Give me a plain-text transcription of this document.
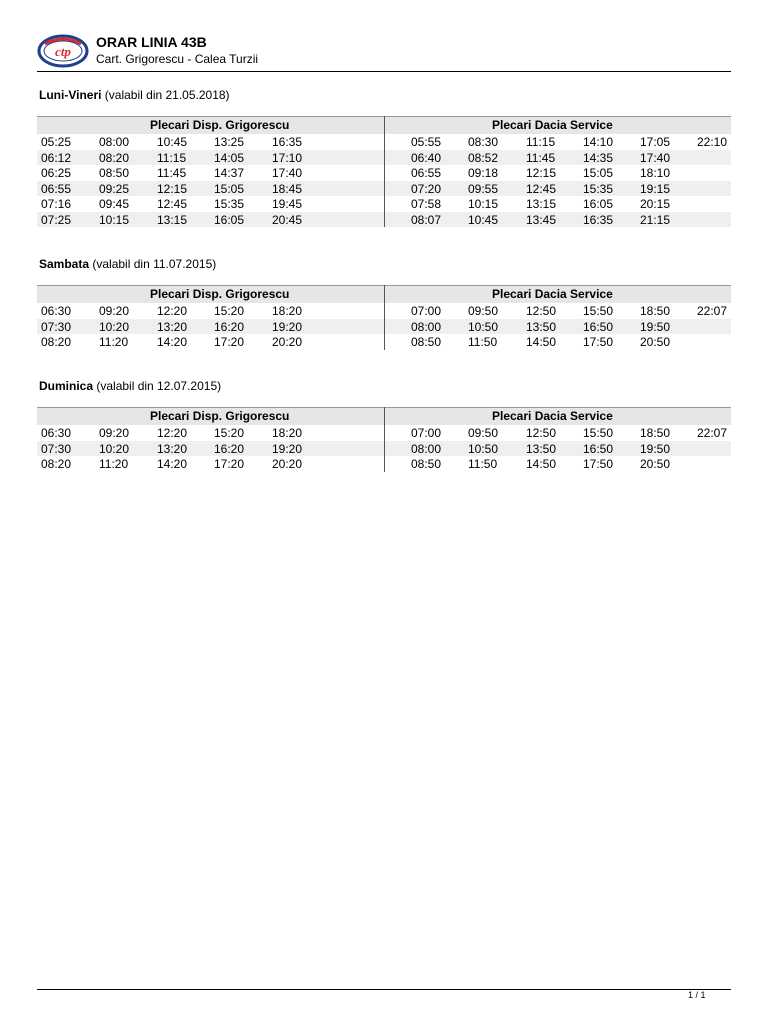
ctp
ORAR LINIA 43B
Cart. Grigorescu - Calea Turzii
Luni-Vineri (valabil din 21.05.2018)
Plecari Disp. Grigorescu	Plecari Dacia Service
05:25 08:00 10:45 13:25 16:35	05:55 08:30 11:15 14:10 17:05 22:10
06:12 08:20 11:15 14:05 17:10	06:40 08:52 11:45 14:35 17:40
06:25 08:50 11:45 14:37 17:40	06:55 09:18 12:15 15:05 18:10
06:55 09:25 12:15 15:05 18:45	07:20 09:55 12:45 15:35 19:15
07:16 09:45 12:45 15:35 19:45	07:58 10:15 13:15 16:05 20:15
07:25 10:15 13:15 16:05 20:45	08:07 10:45 13:45 16:35 21:15
Sambata (valabil din 11.07.2015)
Plecari Disp. Grigorescu	Plecari Dacia Service
06:30 09:20 12:20 15:20 18:20	07:00 09:50 12:50 15:50 18:50 22:07
07:30 10:20 13:20 16:20 19:20	08:00 10:50 13:50 16:50 19:50
08:20 11:20 14:20 17:20 20:20	08:50 11:50 14:50 17:50 20:50
Duminica (valabil din 12.07.2015)
Plecari Disp. Grigorescu	Plecari Dacia Service
06:30 09:20 12:20 15:20 18:20	07:00 09:50 12:50 15:50 18:50 22:07
07:30 10:20 13:20 16:20 19:20	08:00 10:50 13:50 16:50 19:50
08:20 11:20 14:20 17:20 20:20	08:50 11:50 14:50 17:50 20:50
1 / 1
